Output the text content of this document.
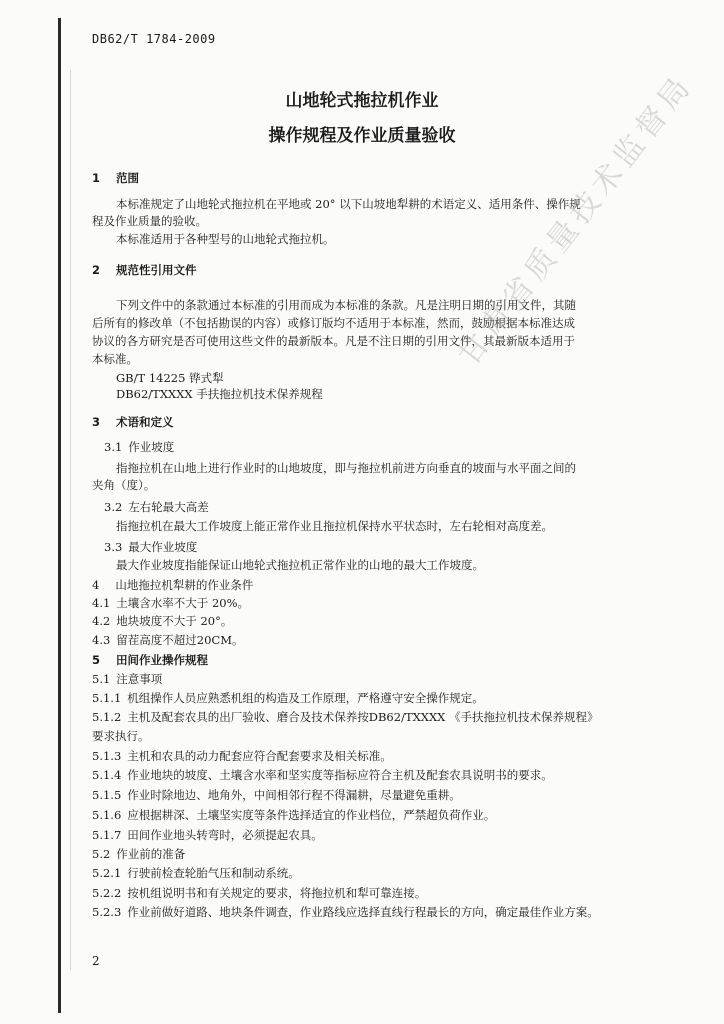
DB62/T 1784-2009
山地轮式拖拉机作业
操作规程及作业质量验收
1 范围
本标准规定了山地轮式拖拉机在平地或 20° 以下山坡地犁耕的术语定义、适用条件、操作规
程及作业质量的验收。
本标准适用于各种型号的山地轮式拖拉机。
2 规范性引用文件
下列文件中的条款通过本标准的引用而成为本标准的条款。凡是注明日期的引用文件，其随
后所有的修改单（不包括勘误的内容）或修订版均不适用于本标准，然而，鼓励根据本标准达成
协议的各方研究是否可使用这些文件的最新版本。凡是不注日期的引用文件，其最新版本适用于
本标准。
GB/T 14225 铧式犁
DB62/TXXXX 手扶拖拉机技术保养规程
3 术语和定义
3.1 作业坡度
指拖拉机在山地上进行作业时的山地坡度，即与拖拉机前进方向垂直的坡面与水平面之间的
夹角（度）。
3.2 左右轮最大高差
指拖拉机在最大工作坡度上能正常作业且拖拉机保持水平状态时，左右轮相对高度差。
3.3 最大作业坡度
最大作业坡度指能保证山地轮式拖拉机正常作业的山地的最大工作坡度。
4 山地拖拉机犁耕的作业条件
4.1 土壤含水率不大于 20%。
4.2 地块坡度不大于 20°。
4.3 留茬高度不超过20CM。
5 田间作业操作规程
5.1 注意事项
5.1.1 机组操作人员应熟悉机组的构造及工作原理，严格遵守安全操作规定。
5.1.2 主机及配套农具的出厂验收、磨合及技术保养按DB62/TXXXX 《手扶拖拉机技术保养规程》
要求执行。
5.1.3 主机和农具的动力配套应符合配套要求及相关标准。
5.1.4 作业地块的坡度、土壤含水率和坚实度等指标应符合主机及配套农具说明书的要求。
5.1.5 作业时除地边、地角外，中间相邻行程不得漏耕，尽量避免重耕。
5.1.6 应根据耕深、土壤坚实度等条件选择适宜的作业档位，严禁超负荷作业。
5.1.7 田间作业地头转弯时，必须提起农具。
5.2 作业前的准备
5.2.1 行驶前检查轮胎气压和制动系统。
5.2.2 按机组说明书和有关规定的要求，将拖拉机和犁可靠连接。
5.2.3 作业前做好道路、地块条件调查，作业路线应选择直线行程最长的方向，确定最佳作业方案。
甘肃省质量技术监督局
2
